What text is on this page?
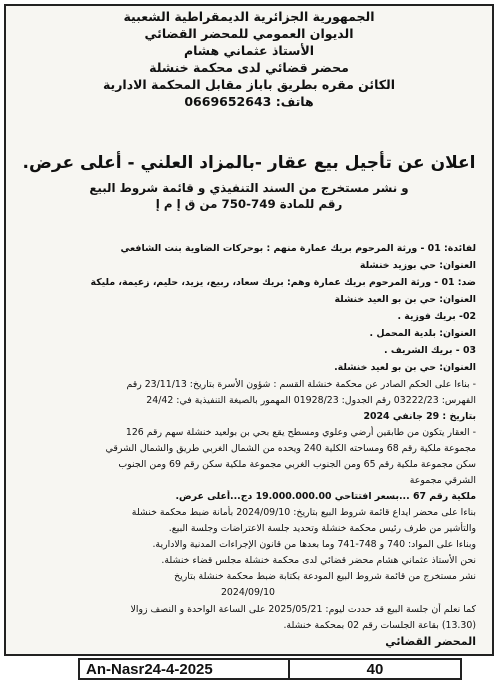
الجمهورية الجزائرية الديمقراطية الشعبية
الديوان العمومي للمحضر القضائي
الأستاذ عثماني هشام
محضر قضائي لدى محكمة خنشلة
الكائن مقره بطريق باباز مقابل المحكمة الادارية
هاتف: 0669652643
اعلان عن تأجيل بيع عقار -بالمزاد العلني - أعلى عرض.
و نشر مستخرج من السند التنفيذي و قائمة شروط البيع
رقم للمادة 749-750 من ق إ م إ
لفائدة: 01 - ورثة المرحوم بريك عمارة منهم : بوحركات الضاوية بنت الشافعي
العنوان: حي بوزيد خنشلة
ضد: 01 - ورثة المرحوم بريك عمارة وهم: بريك سعاد، ربيع، يزيد، حليم، زعيمة، مليكة
العنوان: حي بن بو العيد خنشلة
02- بريك فوزية .
العنوان: بلدية المحمل .
03 - بريك الشريف .
العنوان: حي بن بو لعيد خنشلة.
- بناءا على الحكم الصادر عن محكمة خنشلة القسم : شؤون الأسرة بتاريخ: 23/11/13 رقم
الفهرس: 03222/23 رقم الجدول: 01928/23 المهمور بالصيغة التنفيذية في: 24/42
بتاريخ : 29 جانفي 2024
- العقار يتكون من طابقين أرضي وعلوي ومسطح يقع بحي بن بولعيد خنشلة سهم رقم 126
مجموعة ملكية رقم 68 ومساحته الكلية 240 ويحده من الشمال الغربي طريق والشمال الشرقي
سكن مجموعة ملكية رقم 65 ومن الجنوب الغربي مجموعة ملكية سكن رقم 69 ومن الجنوب
الشرقي مجموعة
ملكية رقم 67 ...بسعر افتتاحي 19.000.000.00 دج...أعلى عرض.
بناءا على محضر ايداع قائمة شروط البيع بتاريخ: 2024/09/10 بأمانة ضبط محكمة خنشلة
والتأشير من طرف رئيس محكمة خنشلة وتحديد جلسة الاعتراضات وجلسة البيع.
وبناءا على المواد: 740 و 748-741 وما بعدها من قانون الإجراءات المدنية والادارية.
نحن الأستاذ عثماني هشام محضر قضائي لدى محكمة خنشلة مجلس قضاء خنشلة.
نشر مستخرج من قائمة شروط البيع المودعة بكتابة ضبط محكمة خنشلة بتاريخ
2024/09/10
كما نعلم أن جلسة البيع قد حددت ليوم: 2025/05/21 على الساعة الواحدة و النصف زوالا
(13.30) بقاعة الجلسات رقم 02 بمحكمة خنشلة.
المحضر القضائي
An-Nasr24-4-2025	40
